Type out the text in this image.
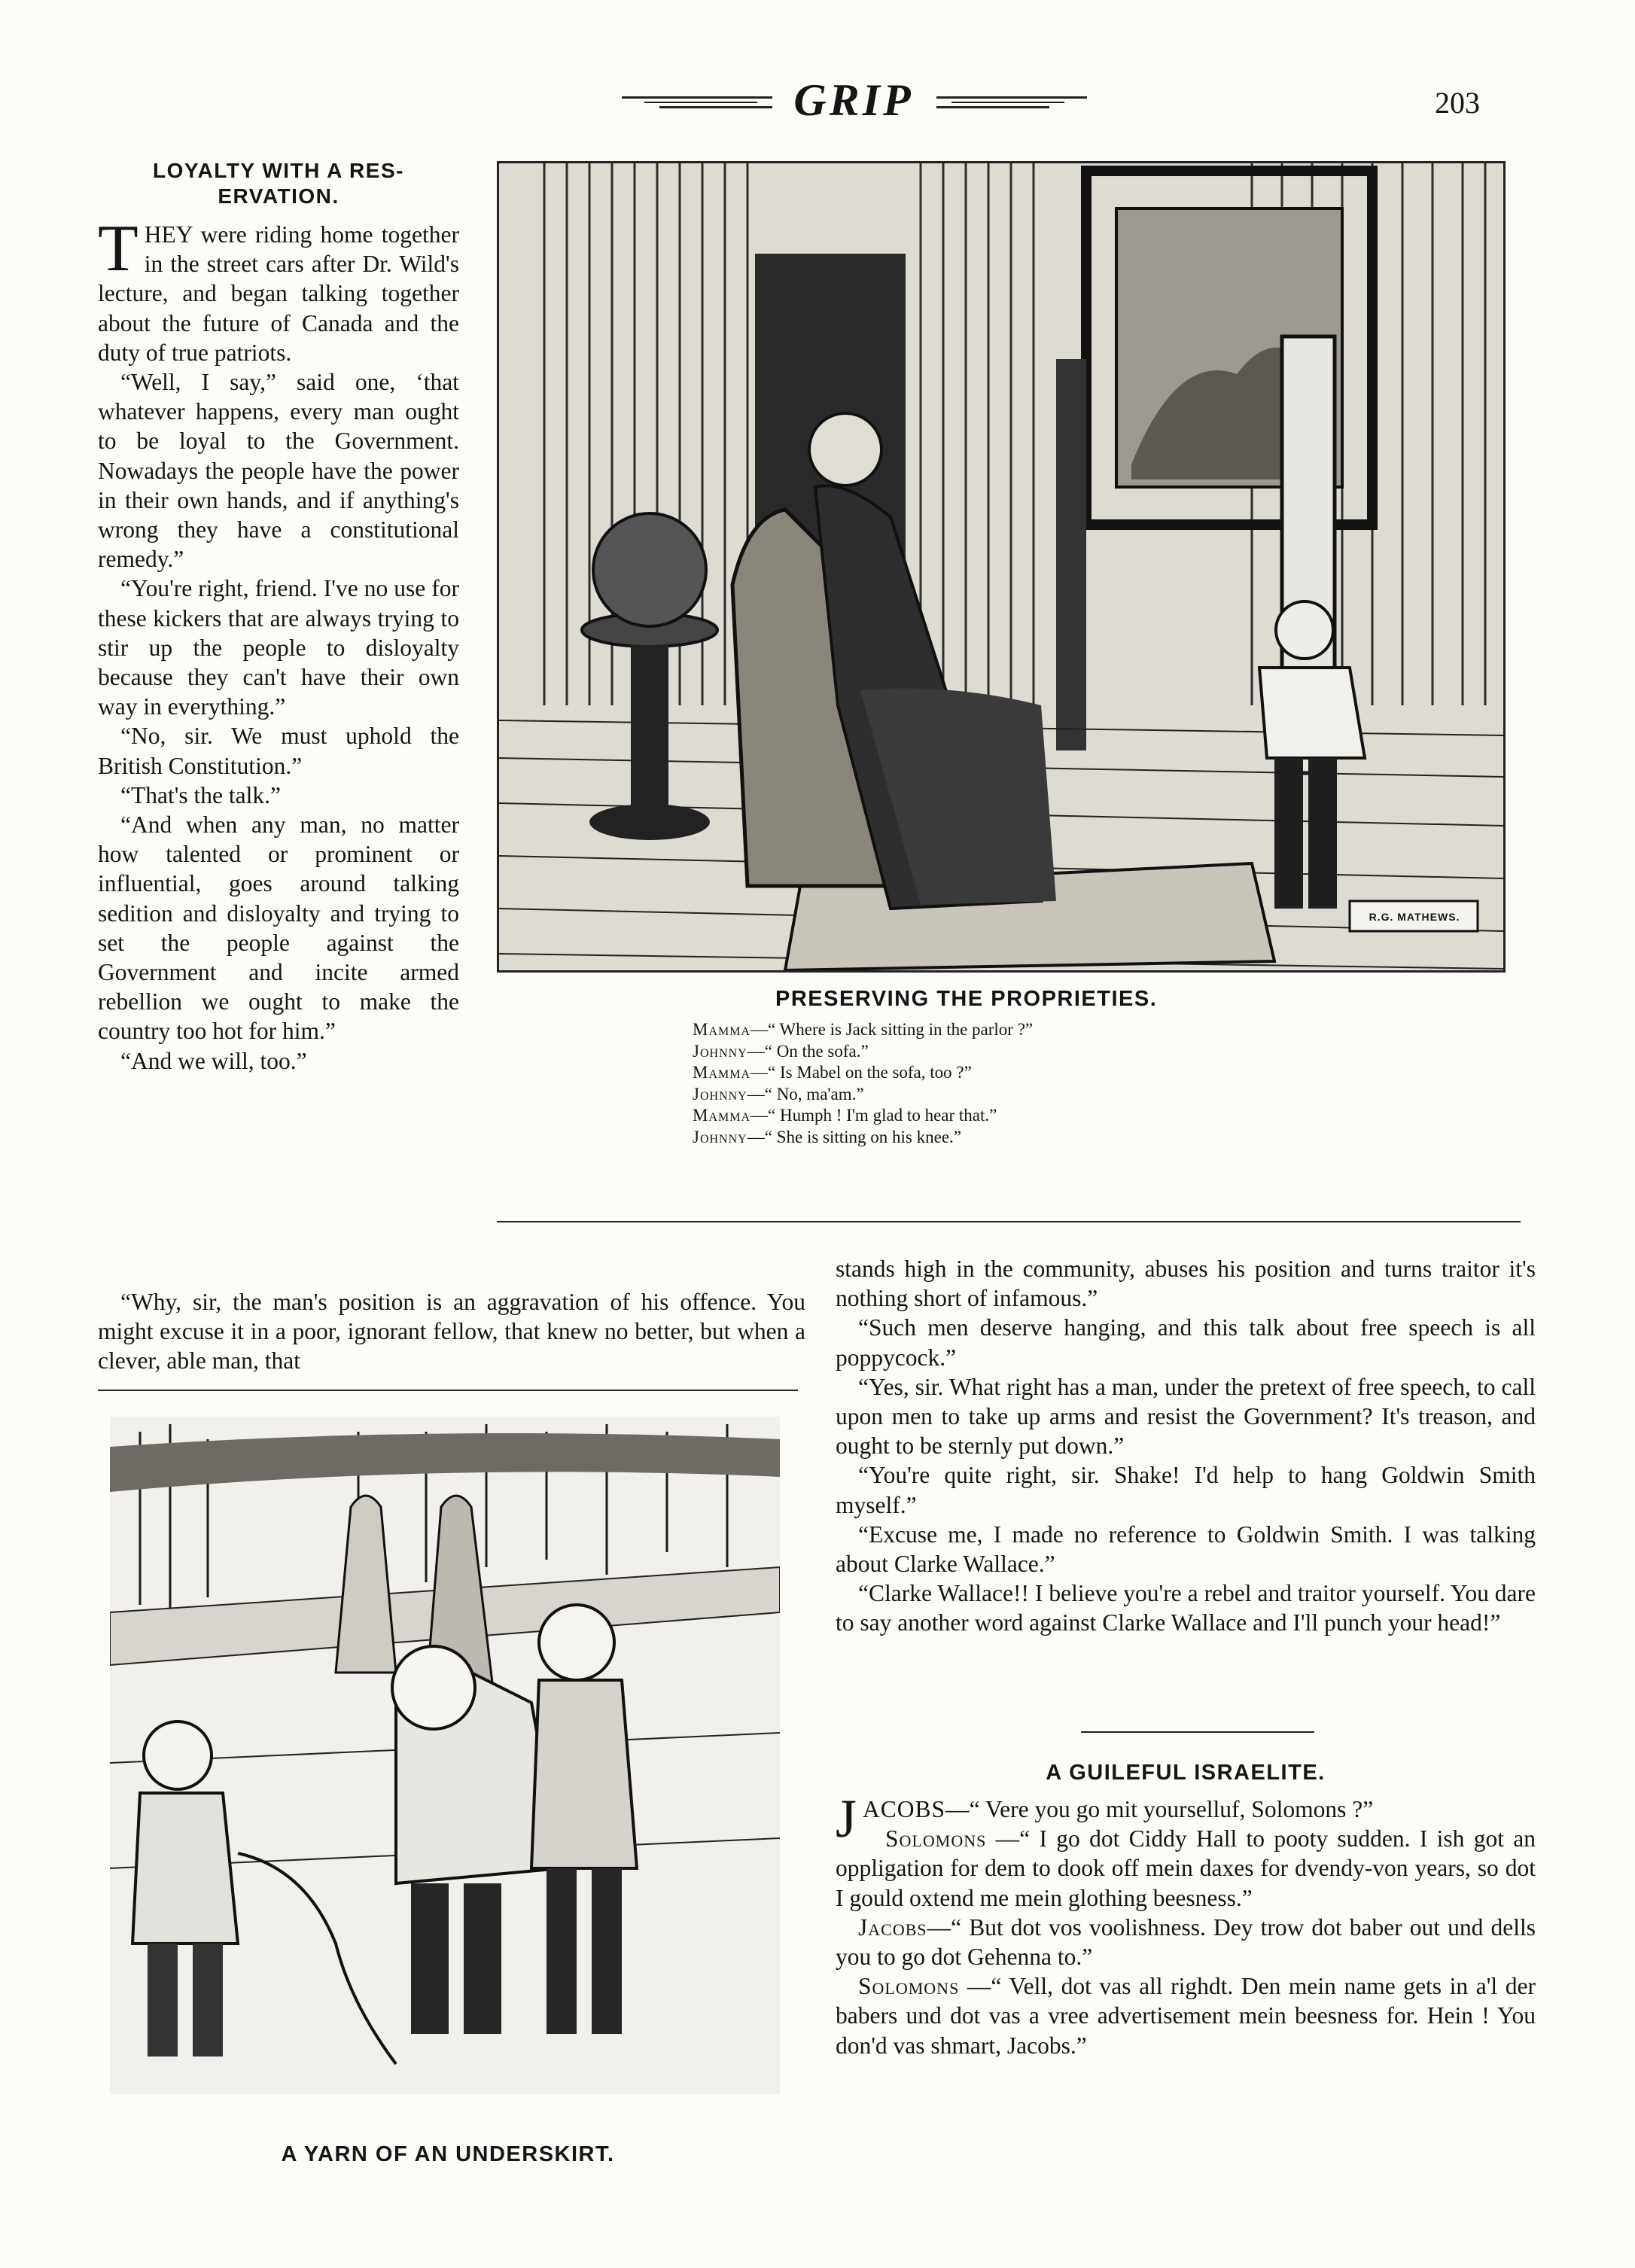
GRIP	203

LOYALTY WITH A RES-

ERVATION.

THEY were riding home together in the street cars after Dr. Wild's lecture, and began talking together about the future of Canada and the duty of true patriots.

“Well, I say,” said one, ‘that whatever happens, every man ought to be loyal to the Government. Nowadays the people have the power in their own hands, and if anything's wrong they have a constitutional remedy.”

“You're right, friend. I've no use for these kickers that are always trying to stir up the people to disloyalty because they can't have their own way in everything.”

“No, sir. We must uphold the British Constitution.”

“That's the talk.”

“And when any man, no matter how talented or prominent or influential, goes around talking sedition and disloyalty and trying to set the people against the Government and incite armed rebellion we ought to make the country too hot for him.”

“And we will, too.”

“Why, sir, the man's position is an aggravation of his offence. You might excuse it in a poor, ignorant fellow, that knew no better, but when a clever, able man, that

R.G. MATHEWS.

PRESERVING THE PROPRIETIES.

Mamma—“ Where is Jack sitting in the parlor ?”

Johnny—“ On the sofa.”

Mamma—“ Is Mabel on the sofa, too ?”

Johnny—“ No, ma'am.”

Mamma—“ Humph ! I'm glad to hear that.”

Johnny—“ She is sitting on his knee.”

stands high in the community, abuses his position and turns traitor it's nothing short of infamous.”

“Such men deserve hanging, and this talk about free speech is all poppycock.”

“Yes, sir. What right has a man, under the pretext of free speech, to call upon men to take up arms and resist the Government? It's treason, and ought to be sternly put down.”

“You're quite right, sir. Shake! I'd help to hang Goldwin Smith myself.”

“Excuse me, I made no reference to Goldwin Smith. I was talking about Clarke Wallace.”

“Clarke Wallace!! I believe you're a rebel and traitor yourself. You dare to say another word against Clarke Wallace and I'll punch your head!”

A GUILEFUL ISRAELITE.

JACOBS—“ Vere you go mit yourselluf, Solomons ?”

Solomons —“ I go dot Ciddy Hall to pooty sudden. I ish got an oppligation for dem to dook off mein daxes for dvendy-von years, so dot I gould oxtend me mein glothing beesness.”

Jacobs—“ But dot vos voolishness. Dey trow dot baber out und dells you to go dot Gehenna to.”

Solomons —“ Vell, dot vas all righdt. Den mein name gets in a'l der babers und dot vas a vree advertisement mein beesness for. Hein ! You don'd vas shmart, Jacobs.”

A YARN OF AN UNDERSKIRT.
